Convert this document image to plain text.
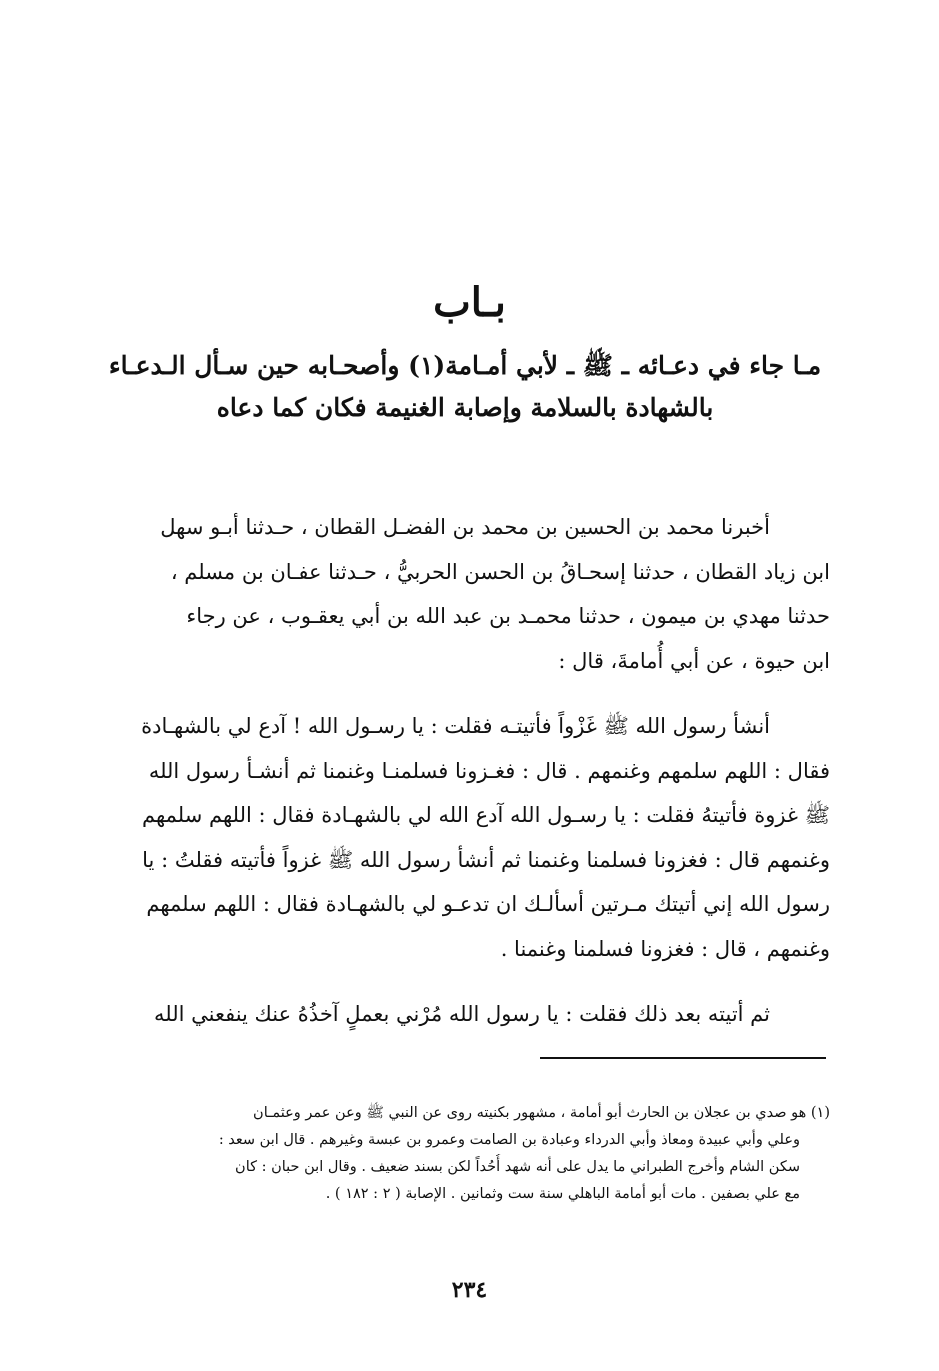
بـاب
مـا جاء في دعـائه ـ ﷺ ـ لأبي أمـامة(١) وأصحـابه حين سـأل الـدعـاء
بالشهادة بالسلامة وإصابة الغنيمة فكان كما دعاه
أخبرنا محمد بن الحسين بن محمد بن الفضـل القطان ، حـدثنا أبـو سهل
ابن زياد القطان ، حدثنا إسحـاقُ بن الحسن الحربيُّ ، حـدثنا عفـان بن مسلم ،
حدثنا مهدي بن ميمون ، حدثنا محمـد بن عبد الله بن أبي يعقـوب ، عن رجاء
ابن حيوة ، عن أبي أُمامةَ، قال :
أنشأ رسول الله ﷺ غَزْواً فأتيتـه فقلت : يا رسـول الله ! آدع لي بالشهـادة
فقال : اللهم سلمهم وغنمهم . قال : فغـزونا فسلمنـا وغنمنا ثم أنشـأ رسول الله
ﷺ غزوة فأتيتهُ فقلت : يا رسـول الله آدع الله لي بالشهـادة فقال : اللهم سلمهم
وغنمهم قال : فغزونا فسلمنا وغنمنا ثم أنشأ رسول الله ﷺ غزواً فأتيته فقلتُ : يا
رسول الله إني أتيتك مـرتين أسألـك ان تدعـو لي بالشهـادة فقال : اللهم سلمهم
وغنمهم ، قال : فغزونا فسلمنا وغنمنا .
ثم أتيته بعد ذلك فقلت : يا رسول الله مُرْني بعملٍ آخذُهُ عنك ينفعني الله
(١) هو صدي بن عجلان بن الحارث أبو أمامة ، مشهور بكنيته روى عن النبي ﷺ وعن عمر وعثمـان
وعلي وأبي عبيدة ومعاذ وأبي الدرداء وعبادة بن الصامت وعمرو بن عبسة وغيرهم . قال ابن سعد :
سكن الشام وأخرج الطبراني ما يدل على أنه شهد أُحُداً لكن بسند ضعيف . وقال ابن حبان : كان
مع علي بصفين . مات أبو أمامة الباهلي سنة ست وثمانين . الإصابة ( ٢ : ١٨٢ ) .
٢٣٤
